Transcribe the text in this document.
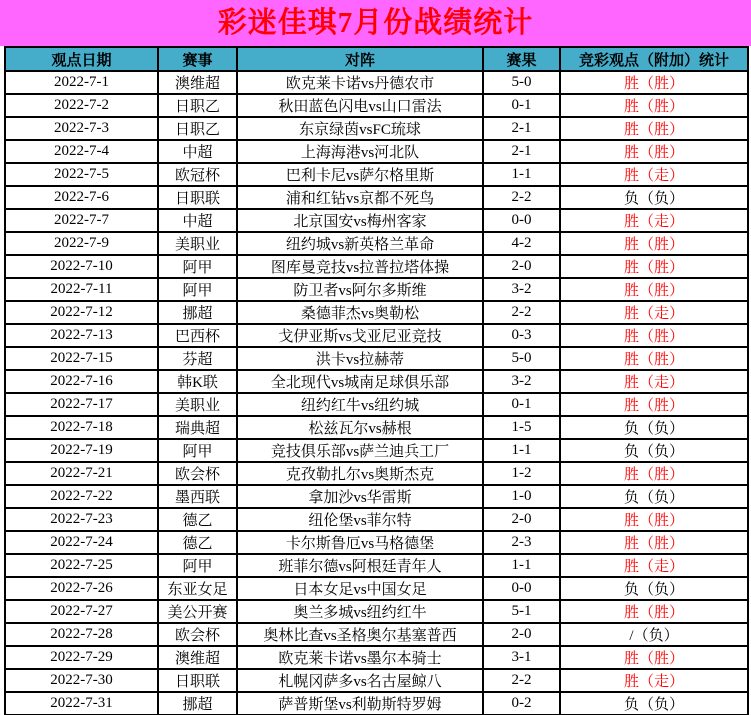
彩迷佳琪7月份战绩统计
观点日期	赛事	对阵	赛果	竞彩观点（附加）统计
2022-7-1	澳维超	欧克莱卡诺vs丹德农市	5-0	胜（胜）
2022-7-2	日职乙	秋田蓝色闪电vs山口雷法	0-1	胜（胜）
2022-7-3	日职乙	东京绿茵vsFC琉球	2-1	胜（胜）
2022-7-4	中超	上海海港vs河北队	2-1	胜（胜）
2022-7-5	欧冠杯	巴利卡尼vs萨尔格里斯	1-1	胜（走）
2022-7-6	日职联	浦和红钻vs京都不死鸟	2-2	负（负）
2022-7-7	中超	北京国安vs梅州客家	0-0	胜（走）
2022-7-9	美职业	纽约城vs新英格兰革命	4-2	胜（胜）
2022-7-10	阿甲	图库曼竞技vs拉普拉塔体操	2-0	胜（胜）
2022-7-11	阿甲	防卫者vs阿尔多斯维	3-2	胜（胜）
2022-7-12	挪超	桑德菲杰vs奥勒松	2-2	胜（走）
2022-7-13	巴西杯	戈伊亚斯vs戈亚尼亚竞技	0-3	胜（胜）
2022-7-15	芬超	洪卡vs拉赫蒂	5-0	胜（胜）
2022-7-16	韩K联	全北现代vs城南足球俱乐部	3-2	胜（走）
2022-7-17	美职业	纽约红牛vs纽约城	0-1	胜（胜）
2022-7-18	瑞典超	松兹瓦尔vs赫根	1-5	负（负）
2022-7-19	阿甲	竞技俱乐部vs萨兰迪兵工厂	1-1	负（负）
2022-7-21	欧会杯	克孜勒扎尔vs奥斯杰克	1-2	胜（胜）
2022-7-22	墨西联	拿加沙vs华雷斯	1-0	负（负）
2022-7-23	德乙	纽伦堡vs菲尔特	2-0	胜（胜）
2022-7-24	德乙	卡尔斯鲁厄vs马格德堡	2-3	胜（胜）
2022-7-25	阿甲	班菲尔德vs阿根廷青年人	1-1	胜（走）
2022-7-26	东亚女足	日本女足vs中国女足	0-0	负（负）
2022-7-27	美公开赛	奥兰多城vs纽约红牛	5-1	胜（胜）
2022-7-28	欧会杯	奥林比查vs圣格奥尔基塞普西	2-0	/（负）
2022-7-29	澳维超	欧克莱卡诺vs墨尔本骑士	3-1	胜（胜）
2022-7-30	日职联	札幌冈萨多vs名古屋鲸八	2-2	胜（走）
2022-7-31	挪超	萨普斯堡vs利勒斯特罗姆	0-2	负（负）
